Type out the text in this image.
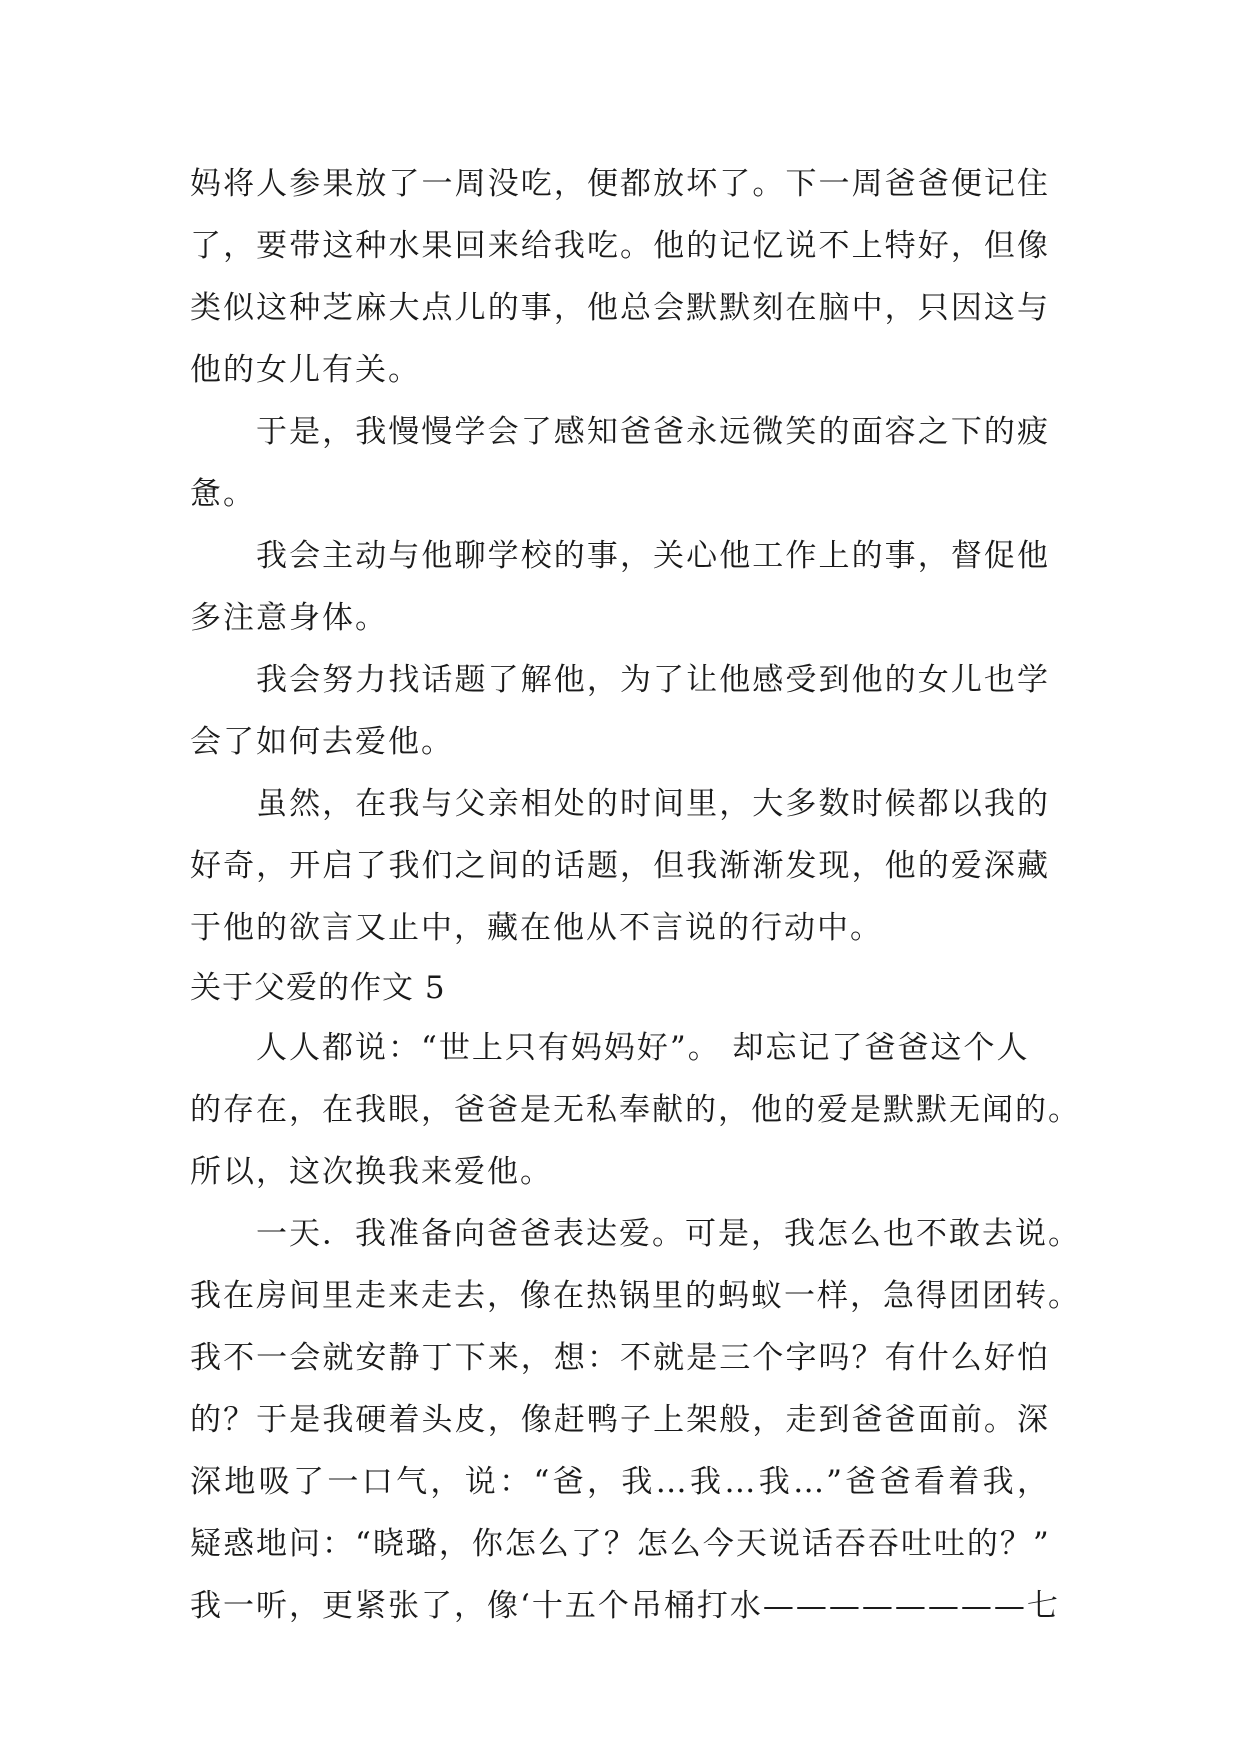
妈将人参果放了一周没吃，便都放坏了。下一周爸爸便记住
了，要带这种水果回来给我吃。他的记忆说不上特好，但像
类似这种芝麻大点儿的事，他总会默默刻在脑中，只因这与
他的女儿有关。
于是，我慢慢学会了感知爸爸永远微笑的面容之下的疲
惫。
我会主动与他聊学校的事，关心他工作上的事，督促他
多注意身体。
我会努力找话题了解他，为了让他感受到他的女儿也学
会了如何去爱他。
虽然，在我与父亲相处的时间里，大多数时候都以我的
好奇，开启了我们之间的话题，但我渐渐发现，他的爱深藏
于他的欲言又止中，藏在他从不言说的行动中。
关于父爱的作文 5
人人都说：“世上只有妈妈好”。 却忘记了爸爸这个人
的存在，在我眼，爸爸是无私奉献的，他的爱是默默无闻的。
所以，这次换我来爱他。
一天．我准备向爸爸表达爱。可是，我怎么也不敢去说。
我在房间里走来走去，像在热锅里的蚂蚁一样，急得团团转。
我不一会就安静丁下来，想：不就是三个字吗？有什么好怕
的？于是我硬着头皮，像赶鸭子上架般，走到爸爸面前。深
深地吸了一口气，说：“爸，我…我…我…”爸爸看着我，
疑惑地问：“晓璐，你怎么了？怎么今天说话吞吞吐吐的？”
我一听，更紧张了，像‘十五个吊桶打水————————七
